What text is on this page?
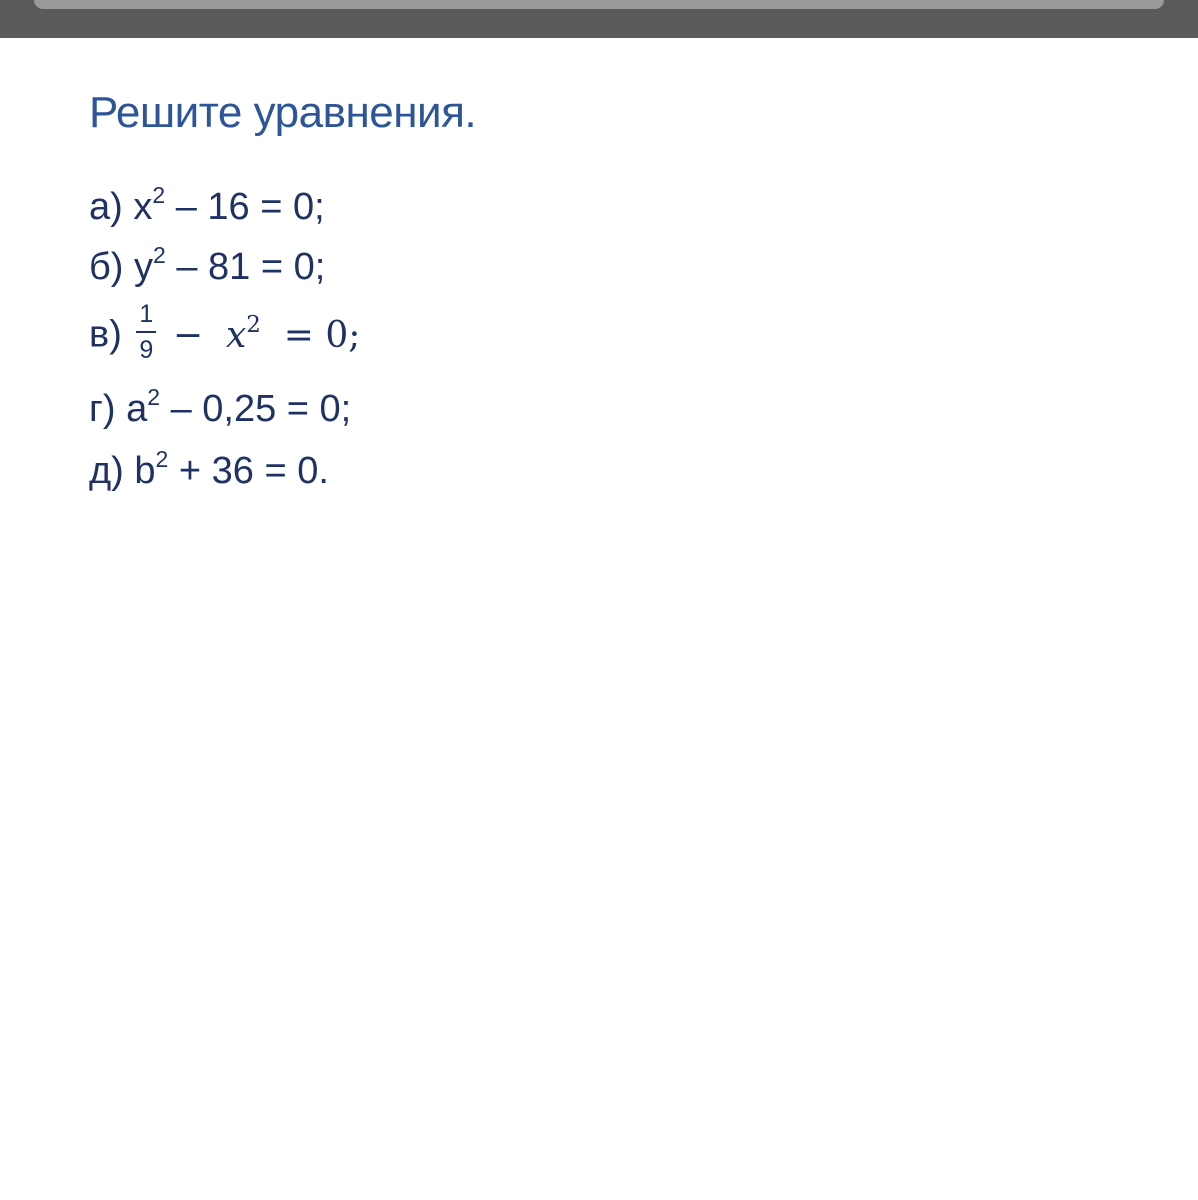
Решите уравнения.
а) $x^2 - 16 = 0$;
б) $y^2 - 81 = 0$;
$в) \frac{1}{9} - x^2 = 0$;
г) $a^2 - 0,25 = 0$;
д) $b^2 + 36 = 0$.
